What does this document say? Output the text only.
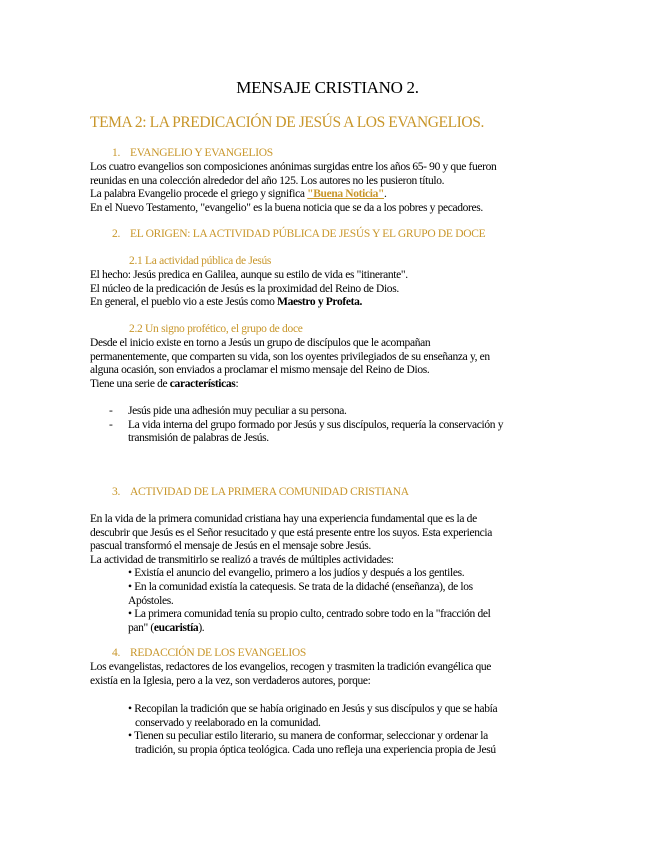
MENSAJE CRISTIANO 2.
TEMA 2: LA PREDICACIÓN DE JESÚS A LOS EVANGELIOS.
1. EVANGELIO Y EVANGELIOS
Los cuatro evangelios son composiciones anónimas surgidas entre los años 65- 90 y que fueron
reunidas en una colección alrededor del año 125. Los autores no les pusieron título.
La palabra Evangelio procede el griego y significa "Buena Noticia".
En el Nuevo Testamento, "evangelio" es la buena noticia que se da a los pobres y pecadores.
2. EL ORIGEN: LA ACTIVIDAD PÚBLICA DE JESÚS Y EL GRUPO DE DOCE
2.1 La actividad pública de Jesús
El hecho: Jesús predica en Galilea, aunque su estilo de vida es "itinerante".
El núcleo de la predicación de Jesús es la proximidad del Reino de Dios.
En general, el pueblo vio a este Jesús como Maestro y Profeta.
2.2 Un signo profético, el grupo de doce
Desde el inicio existe en torno a Jesús un grupo de discípulos que le acompañan
permanentemente, que comparten su vida, son los oyentes privilegiados de su enseñanza y, en
alguna ocasión, son enviados a proclamar el mismo mensaje del Reino de Dios.
Tiene una serie de características:
-	Jesús pide una adhesión muy peculiar a su persona.
-	La vida interna del grupo formado por Jesús y sus discípulos, requería la conservación y
transmisión de palabras de Jesús.
3. ACTIVIDAD DE LA PRIMERA COMUNIDAD CRISTIANA
En la vida de la primera comunidad cristiana hay una experiencia fundamental que es la de
descubrir que Jesús es el Señor resucitado y que está presente entre los suyos. Esta experiencia
pascual transformó el mensaje de Jesús en el mensaje sobre Jesús.
La actividad de transmitirlo se realizó a través de múltiples actividades:
• Existía el anuncio del evangelio, primero a los judíos y después a los gentiles.
• En la comunidad existía la catequesis. Se trata de la didaché (enseñanza), de los
Apóstoles.
• La primera comunidad tenía su propio culto, centrado sobre todo en la "fracción del
pan" (eucaristía).
4. REDACCIÓN DE LOS EVANGELIOS
Los evangelistas, redactores de los evangelios, recogen y trasmiten la tradición evangélica que
existía en la Iglesia, pero a la vez, son verdaderos autores, porque:
• Recopilan la tradición que se había originado en Jesús y sus discípulos y que se había
conservado y reelaborado en la comunidad.
• Tienen su peculiar estilo literario, su manera de conformar, seleccionar y ordenar la
tradición, su propia óptica teológica. Cada uno refleja una experiencia propia de Jesú
